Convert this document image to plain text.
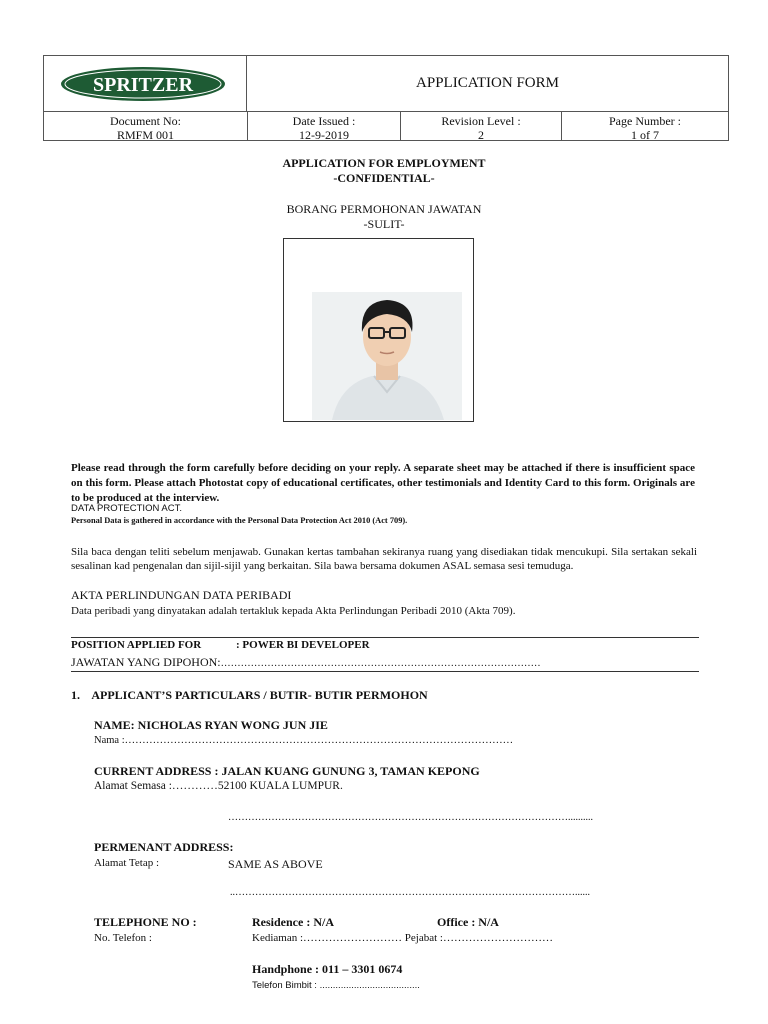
SPRITZER	APPLICATION FORM
Document No:
RMFM 001
Date Issued :
12-9-2019
Revision Level :
2
Page Number :
1 of 7
APPLICATION FOR EMPLOYMENT
-CONFIDENTIAL-
BORANG PERMOHONAN JAWATAN
-SULIT-
Please read through the form carefully before deciding on your reply. A separate sheet may be attached if there is insufficient space on this form. Please attach Photostat copy of educational certificates, other testimonials and Identity Card to this form. Originals are to be produced at the interview.
DATA PROTECTION ACT.
Personal Data is gathered in accordance with the Personal Data Protection Act 2010 (Act 709).
Sila baca dengan teliti sebelum menjawab. Gunakan kertas tambahan sekiranya ruang yang disediakan tidak mencukupi. Sila sertakan sekali sesalinan kad pengenalan dan sijil-sijil yang berkaitan. Sila bawa bersama dokumen ASAL semasa sesi temuduga.
AKTA PERLINDUNGAN DATA PERIBADI
Data peribadi yang dinyatakan adalah tertakluk kepada Akta Perlindungan Peribadi 2010 (Akta 709).
POSITION APPLIED FOR	: POWER BI DEVELOPER
JAWATAN YANG DIPOHON:……………………………………………………………………………………
1.    APPLICANT’S PARTICULARS / BUTIR- BUTIR PERMOHON
NAME: NICHOLAS RYAN WONG JUN JIE
Nama :…………………………………………………………………………………………………
CURRENT ADDRESS : JALAN KUANG GUNUNG 3, TAMAN KEPONG
Alamat Semasa :…………52100 KUALA LUMPUR.
…………………………………………………………………………………………..........
PERMENANT ADDRESS:
Alamat Tetap :	SAME AS ABOVE
..…………………………………………………………………………………………......
TELEPHONE NO :
No. Telefon :
Residence : N/A	Office : N/A
Kediaman :……………………… Pejabat :…………………………
Handphone : 011 – 3301 0674
Telefon Bimbit : ......................................
